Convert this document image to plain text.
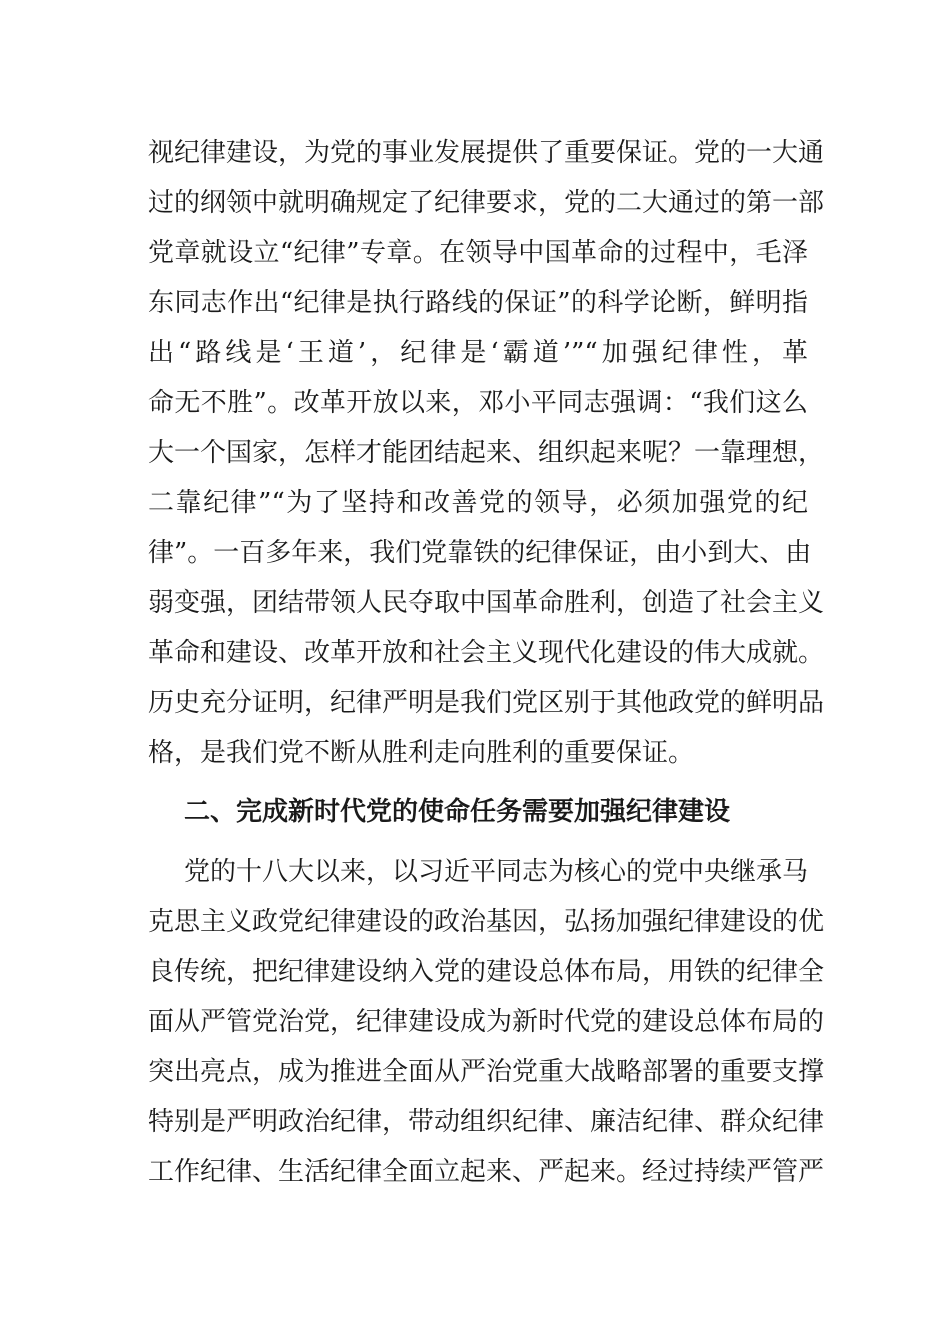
视纪律建设，为党的事业发展提供了重要保证。党的一大通
过的纲领中就明确规定了纪律要求，党的二大通过的第一部
党章就设立“纪律”专章。在领导中国革命的过程中，毛泽
东同志作出“纪律是执行路线的保证”的科学论断，鲜明指
出“路线是‘王道’，纪律是‘霸道’”“加强纪律性，革
命无不胜”。改革开放以来，邓小平同志强调：“我们这么
大一个国家，怎样才能团结起来、组织起来呢？一靠理想，
二靠纪律”“为了坚持和改善党的领导，必须加强党的纪
律”。一百多年来，我们党靠铁的纪律保证，由小到大、由
弱变强，团结带领人民夺取中国革命胜利，创造了社会主义
革命和建设、改革开放和社会主义现代化建设的伟大成就。
历史充分证明，纪律严明是我们党区别于其他政党的鲜明品
格，是我们党不断从胜利走向胜利的重要保证。
二、完成新时代党的使命任务需要加强纪律建设
党的十八大以来，以习近平同志为核心的党中央继承马
克思主义政党纪律建设的政治基因，弘扬加强纪律建设的优
良传统，把纪律建设纳入党的建设总体布局，用铁的纪律全
面从严管党治党，纪律建设成为新时代党的建设总体布局的
突出亮点，成为推进全面从严治党重大战略部署的重要支撑
特别是严明政治纪律，带动组织纪律、廉洁纪律、群众纪律
工作纪律、生活纪律全面立起来、严起来。经过持续严管严
